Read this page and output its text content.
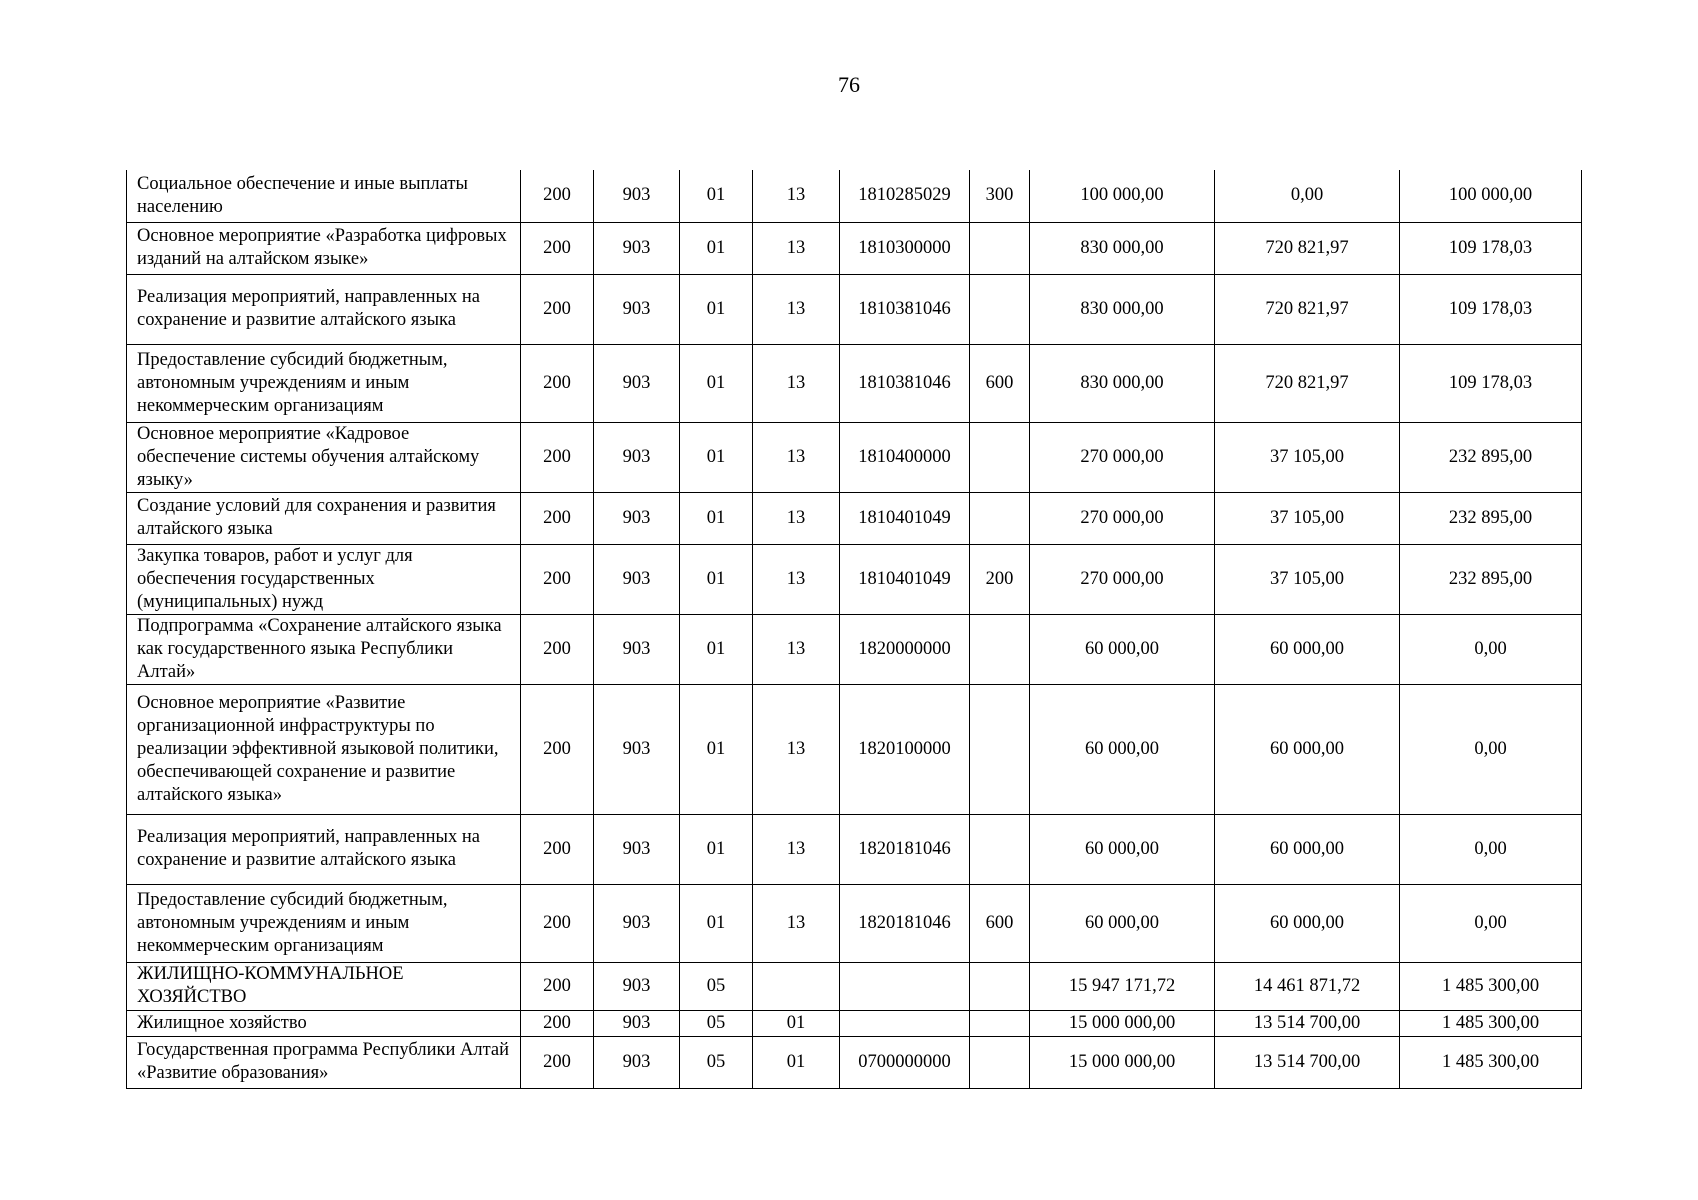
76
Социальное обеспечение и иные выплаты населению	200	903	01	13	1810285029	300	100 000,00	0,00	100 000,00
Основное мероприятие «Разработка цифровых изданий на алтайском языке»	200	903	01	13	1810300000		830 000,00	720 821,97	109 178,03
Реализация мероприятий, направленных на сохранение и развитие алтайского языка	200	903	01	13	1810381046		830 000,00	720 821,97	109 178,03
Предоставление субсидий бюджетным, автономным учреждениям и иным некоммерческим организациям	200	903	01	13	1810381046	600	830 000,00	720 821,97	109 178,03
Основное мероприятие «Кадровое обеспечение системы обучения алтайскому языку»	200	903	01	13	1810400000		270 000,00	37 105,00	232 895,00
Создание условий для сохранения и развития алтайского языка	200	903	01	13	1810401049		270 000,00	37 105,00	232 895,00
Закупка товаров, работ и услуг для обеспечения государственных (муниципальных) нужд	200	903	01	13	1810401049	200	270 000,00	37 105,00	232 895,00
Подпрограмма «Сохранение алтайского языка как государственного языка Республики Алтай»	200	903	01	13	1820000000		60 000,00	60 000,00	0,00
Основное мероприятие «Развитие организационной инфраструктуры по реализации эффективной языковой политики, обеспечивающей сохранение и развитие алтайского языка»	200	903	01	13	1820100000		60 000,00	60 000,00	0,00
Реализация мероприятий, направленных на сохранение и развитие алтайского языка	200	903	01	13	1820181046		60 000,00	60 000,00	0,00
Предоставление субсидий бюджетным, автономным учреждениям и иным некоммерческим организациям	200	903	01	13	1820181046	600	60 000,00	60 000,00	0,00
ЖИЛИЩНО-КОММУНАЛЬНОЕ ХОЗЯЙСТВО	200	903	05				15 947 171,72	14 461 871,72	1 485 300,00
Жилищное хозяйство	200	903	05	01			15 000 000,00	13 514 700,00	1 485 300,00
Государственная программа Республики Алтай «Развитие образования»	200	903	05	01	0700000000		15 000 000,00	13 514 700,00	1 485 300,00
